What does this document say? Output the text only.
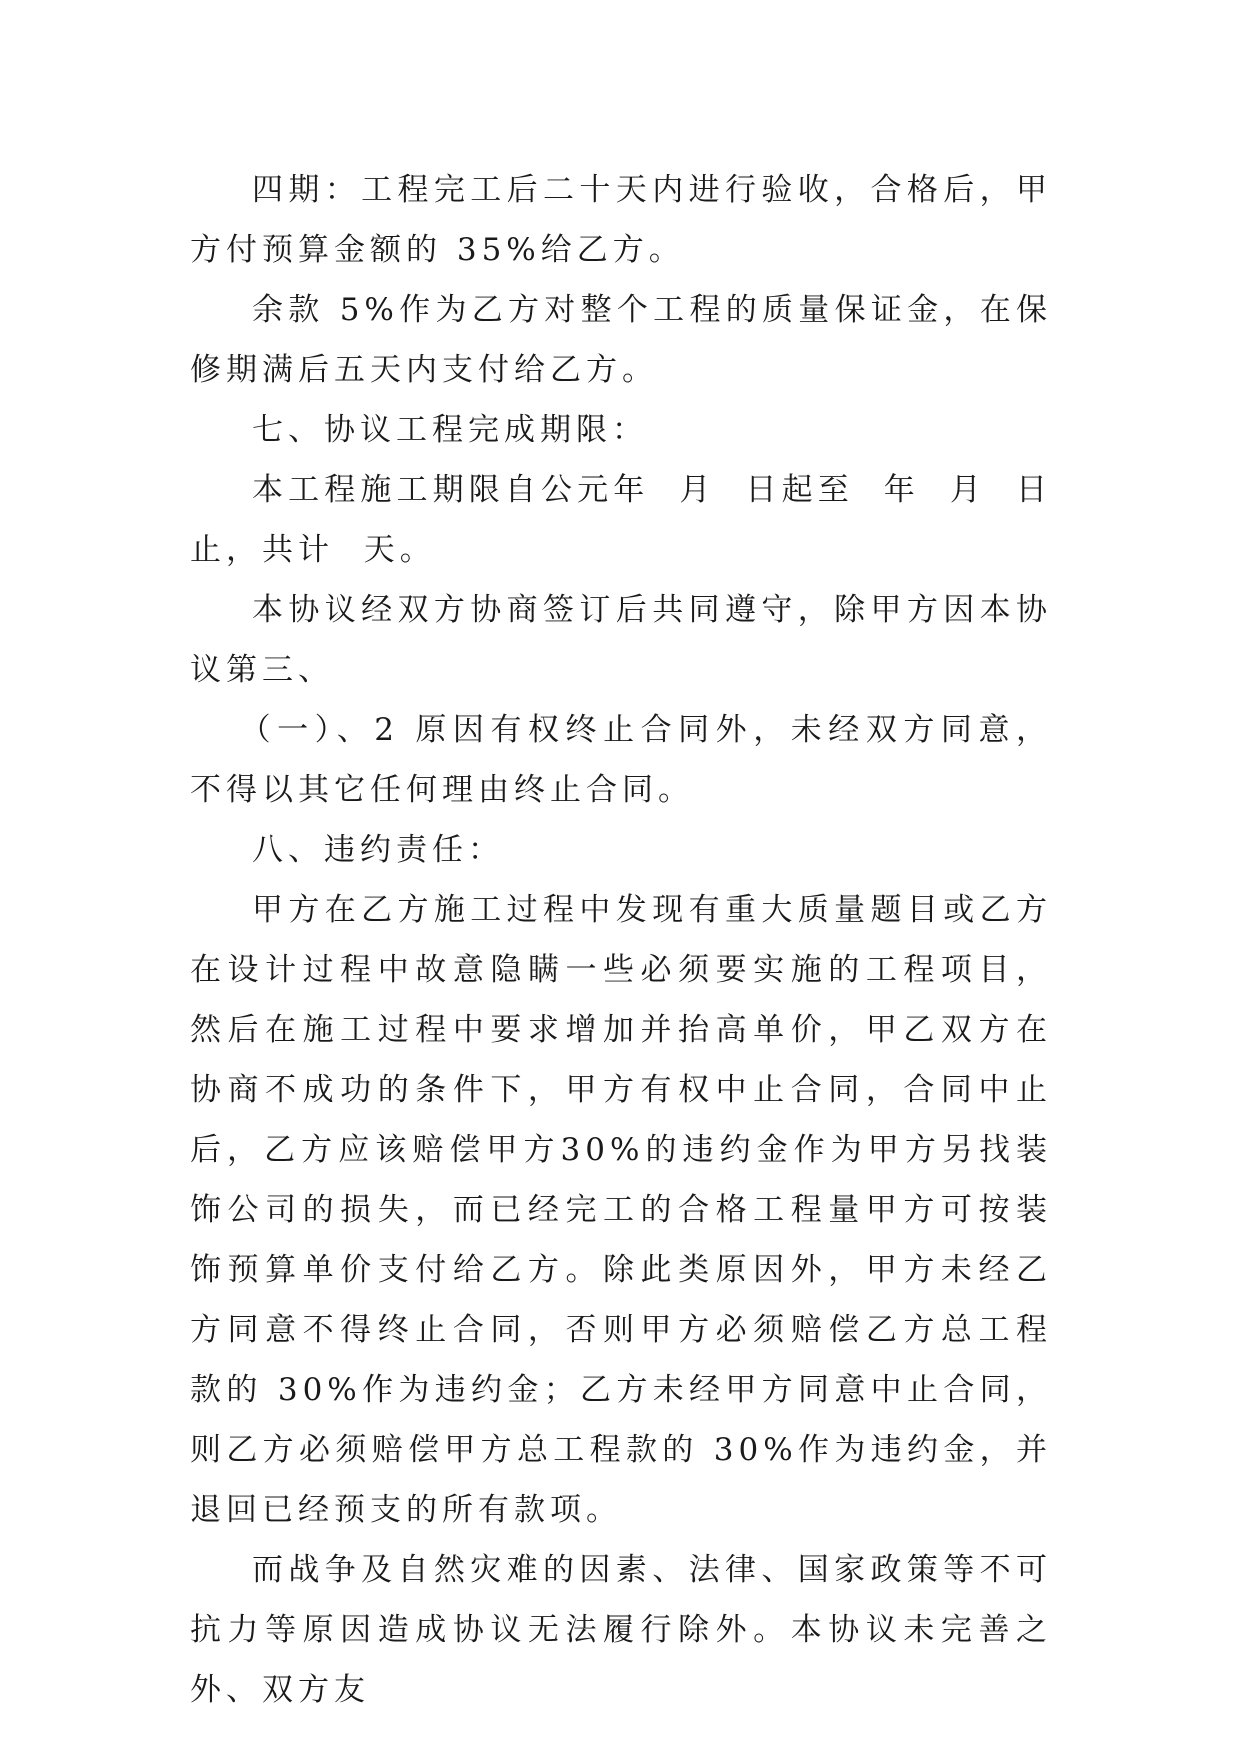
四期：工程完工后二十天内进行验收，合格后，甲方付预算金额的 35%给乙方。

余款 5%作为乙方对整个工程的质量保证金，在保修期满后五天内支付给乙方。

七、协议工程完成期限：

本工程施工期限自公元年  月  日起至  年  月  日止，共计  天。

本协议经双方协商签订后共同遵守，除甲方因本协议第三、

（一）、2 原因有权终止合同外，未经双方同意，不得以其它任何理由终止合同。

八、违约责任：

甲方在乙方施工过程中发现有重大质量题目或乙方在设计过程中故意隐瞒一些必须要实施的工程项目，然后在施工过程中要求增加并抬高单价，甲乙双方在协商不成功的条件下，甲方有权中止合同，合同中止后，乙方应该赔偿甲方30%的违约金作为甲方另找装饰公司的损失，而已经完工的合格工程量甲方可按装饰预算单价支付给乙方。除此类原因外，甲方未经乙方同意不得终止合同，否则甲方必须赔偿乙方总工程款的 30%作为违约金；乙方未经甲方同意中止合同，则乙方必须赔偿甲方总工程款的 30%作为违约金，并退回已经预支的所有款项。

而战争及自然灾难的因素、法律、国家政策等不可抗力等原因造成协议无法履行除外。本协议未完善之外、双方友
